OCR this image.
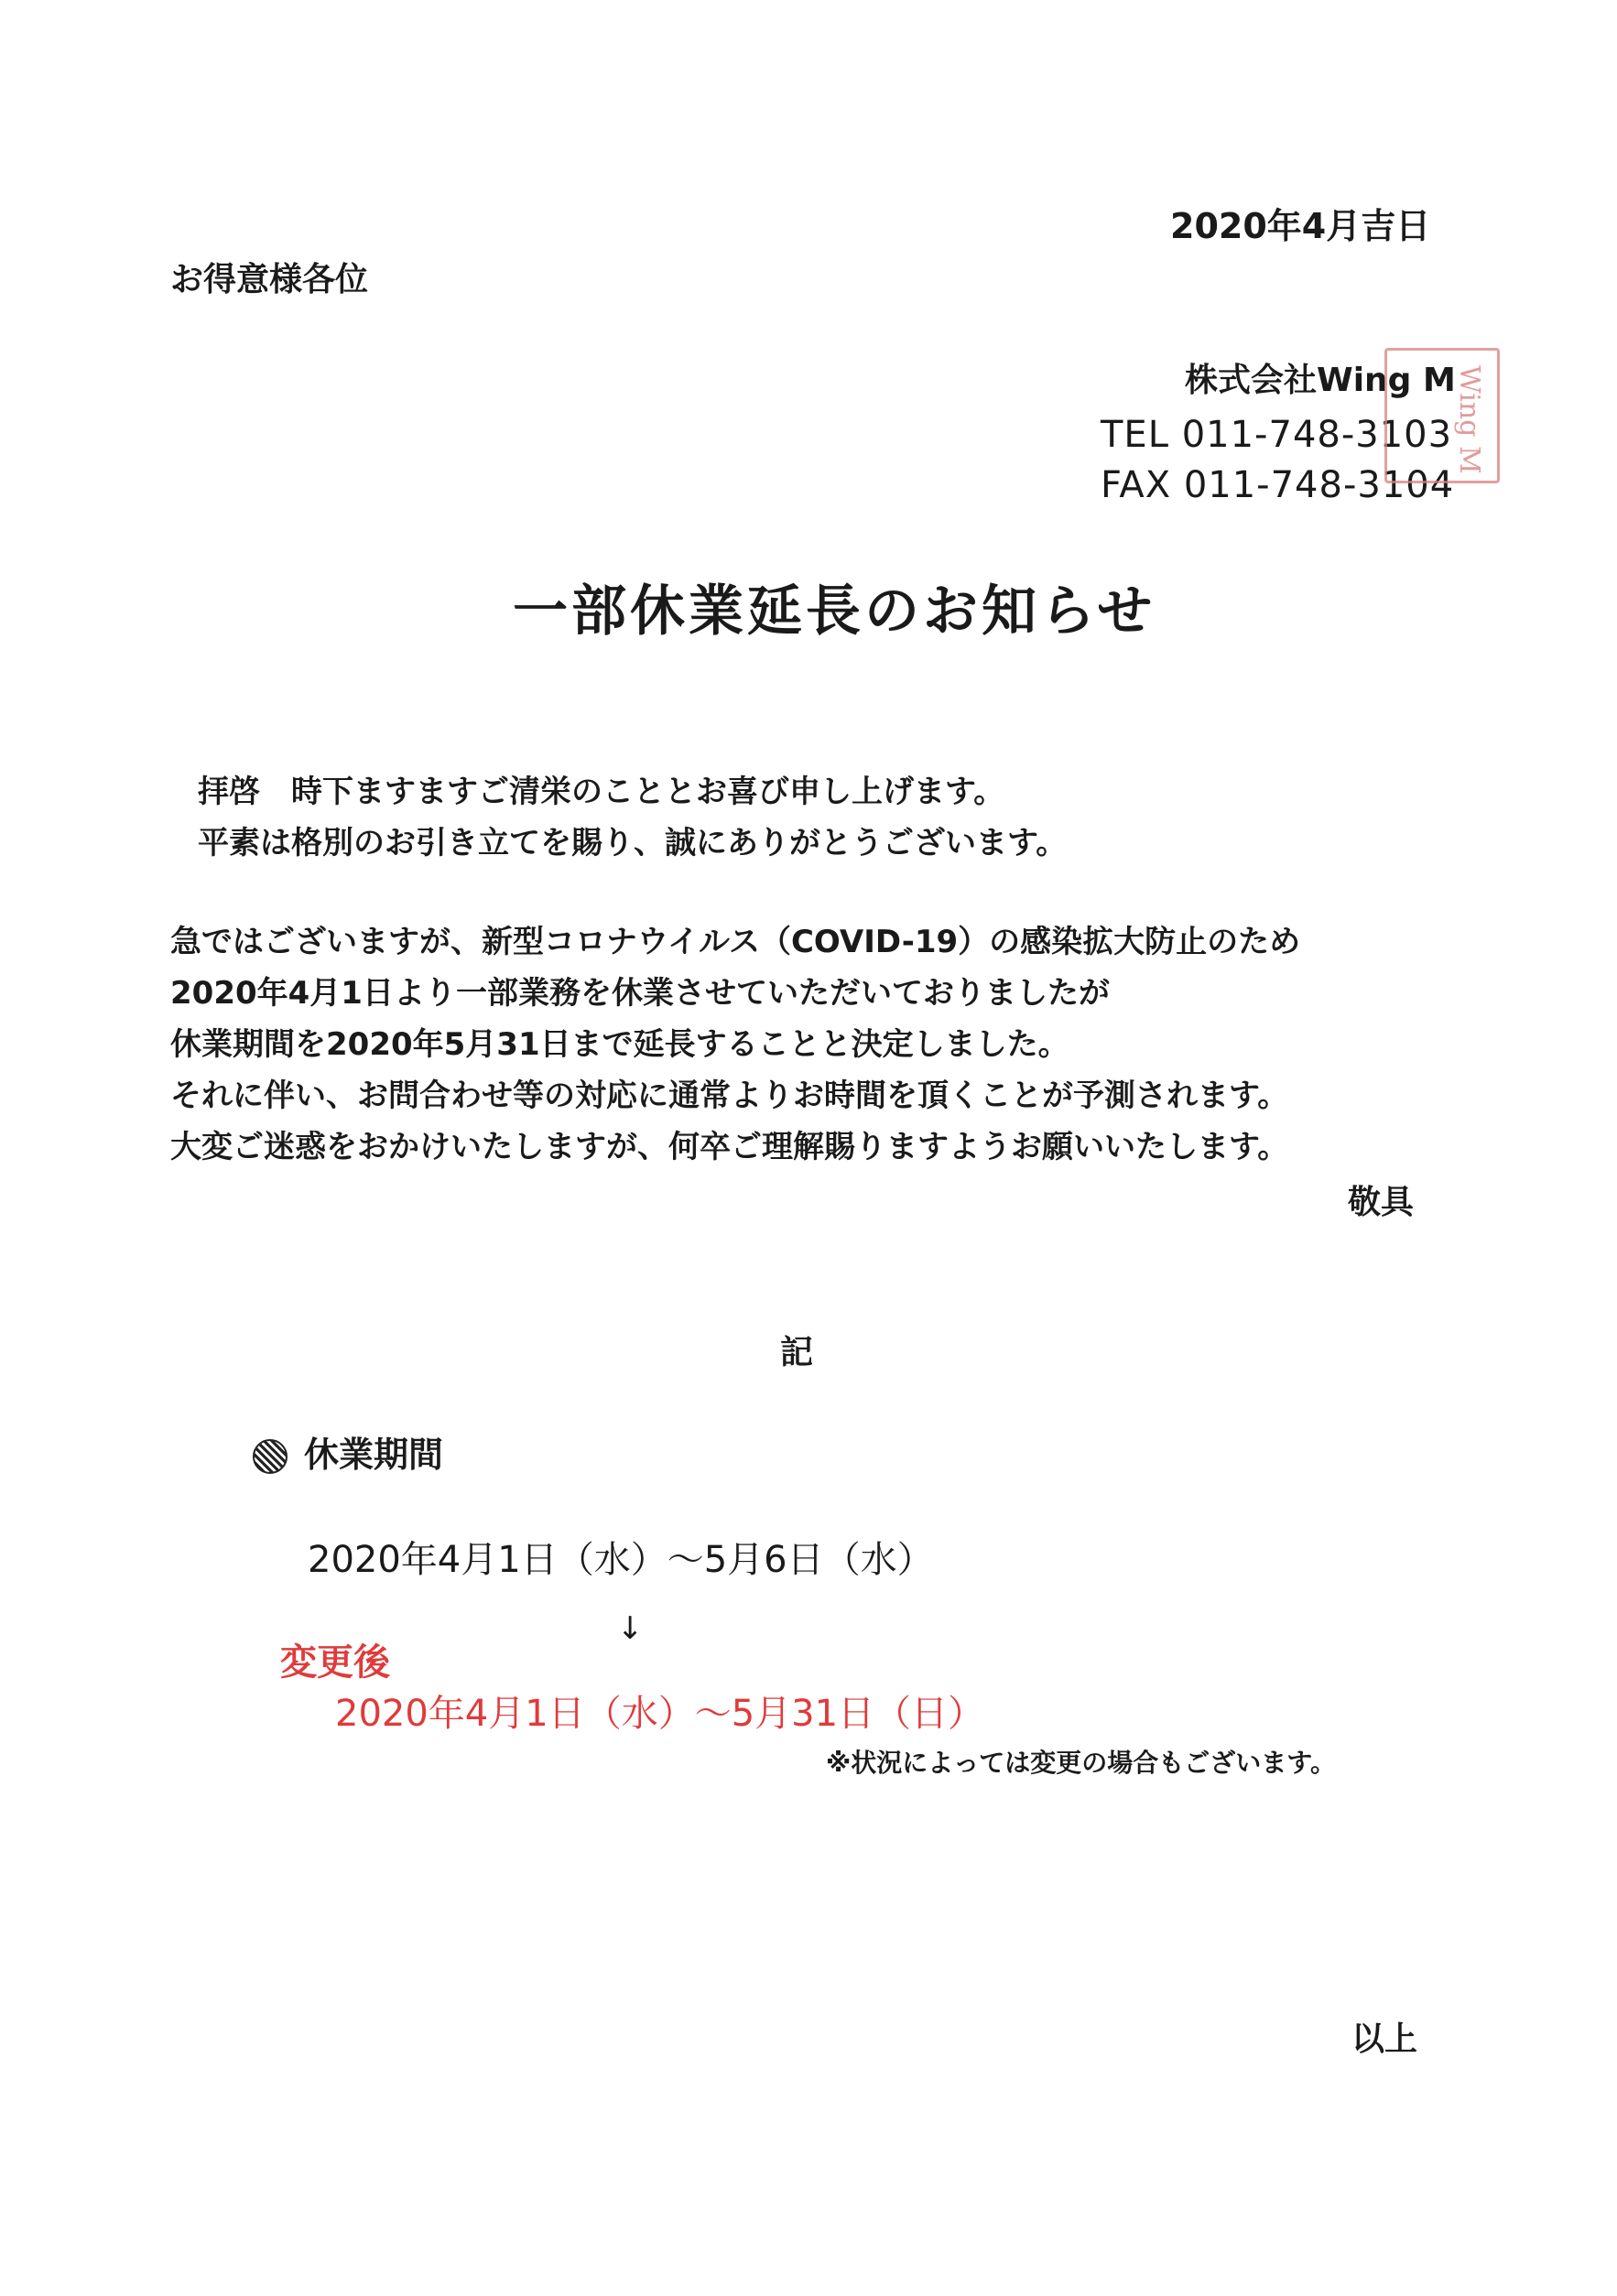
2020年4月吉日
お得意様各位
株式会社Wing M
TEL 011-748-3103
FAX 011-748-3104
Wing M
一部休業延長のお知らせ
拝啓　時下ますますご清栄のこととお喜び申し上げます。
平素は格別のお引き立てを賜り、誠にありがとうございます。
急ではございますが、新型コロナウイルス（COVID-19）の感染拡大防止のため
2020年4月1日より一部業務を休業させていただいておりましたが
休業期間を2020年5月31日まで延長することと決定しました。
それに伴い、お問合わせ等の対応に通常よりお時間を頂くことが予測されます。
大変ご迷惑をおかけいたしますが、何卒ご理解賜りますようお願いいたします。
敬具
記
休業期間
2020年4月1日（水）～5月6日（水）
↓
変更後
2020年4月1日（水）～5月31日（日）
※状況によっては変更の場合もございます。
以上
